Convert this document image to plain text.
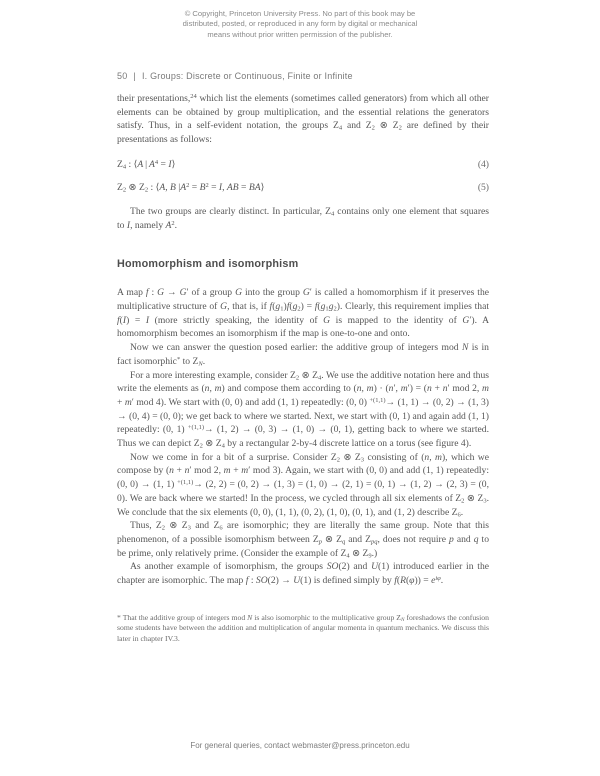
© Copyright, Princeton University Press. No part of this book may be
distributed, posted, or reproduced in any form by digital or mechanical
means without prior written permission of the publisher.
50 | I. Groups: Discrete or Continuous, Finite or Infinite

their presentations,$^{24}$ which list the elements (sometimes called generators) from which all other elements can be obtained by group multiplication, and the essential relations the generators satisfy. Thus, in a self-evident notation, the groups Z4 and Z2 ⊗ Z2 are defined by their presentations as follows:

Z4 : ⟨A | $A^4$ = I⟩	(4)
Z2 ⊗ Z2 : ⟨A, B $|A^2 = B^2 = I$, AB = BA⟩	(5)

The two groups are clearly distinct. In particular, Z4 contains only one element that squares to I, namely $A^2$.

Homomorphism and isomorphism

A map f : G → G′ of a group G into the group G′ is called a homomorphism if it preserves the multiplicative structure of G, that is, if f(g1)f(g2) = f(g1g2). Clearly, this requirement implies that f(I) = I (more strictly speaking, the identity of G is mapped to the identity of G′). A homomorphism becomes an isomorphism if the map is one-to-one and onto.

Now we can answer the question posed earlier: the additive group of integers mod N is in fact isomorphic* to ZN.

For a more interesting example, consider Z2 ⊗ Z4. We use the additive notation here and thus write the elements as (n, m) and compose them according to (n, m) · (n′, m′) = (n + n′ mod 2, m + m′ mod 4). We start with (0, 0) and add (1, 1) repeatedly: (0, 0) $^{+(1,1)}$→ (1, 1) → (0, 2) → (1, 3) → (0, 4) = (0, 0); we get back to where we started. Next, we start with (0, 1) and again add (1, 1) repeatedly: (0, 1) $^{+(1,1)}$→ (1, 2) → (0, 3) → (1, 0) → (0, 1), getting back to where we started. Thus we can depict Z2 ⊗ Z4 by a rectangular 2-by-4 discrete lattice on a torus (see figure 4).

Now we come in for a bit of a surprise. Consider Z2 ⊗ Z3 consisting of (n, m), which we compose by (n + n′ mod 2, m + m′ mod 3). Again, we start with (0, 0) and add (1, 1) repeatedly: (0, 0) → (1, 1) $^{+(1,1)}$→ (2, 2) = (0, 2) → (1, 3) = (1, 0) → (2, 1) = (0, 1) → (1, 2) → (2, 3) = (0, 0). We are back where we started! In the process, we cycled through all six elements of Z2 ⊗ Z3. We conclude that the six elements (0, 0), (1, 1), (0, 2), (1, 0), (0, 1), and (1, 2) describe Z6.

Thus, Z2 ⊗ Z3 and Z6 are isomorphic; they are literally the same group. Note that this phenomenon, of a possible isomorphism between Zp ⊗ Zq and Zpq, does not require p and q to be prime, only relatively prime. (Consider the example of Z4 ⊗ Z9.)

As another example of isomorphism, the groups SO(2) and U(1) introduced earlier in the chapter are isomorphic. The map f : SO(2) → U(1) is defined simply by $f(R(\varphi)) = e^{i\varphi}$.

* That the additive group of integers mod N is also isomorphic to the multiplicative group ZN foreshadows the confusion some students have between the addition and multiplication of angular momenta in quantum mechanics. We discuss this later in chapter IV.3.

For general queries, contact webmaster@press.princeton.edu
